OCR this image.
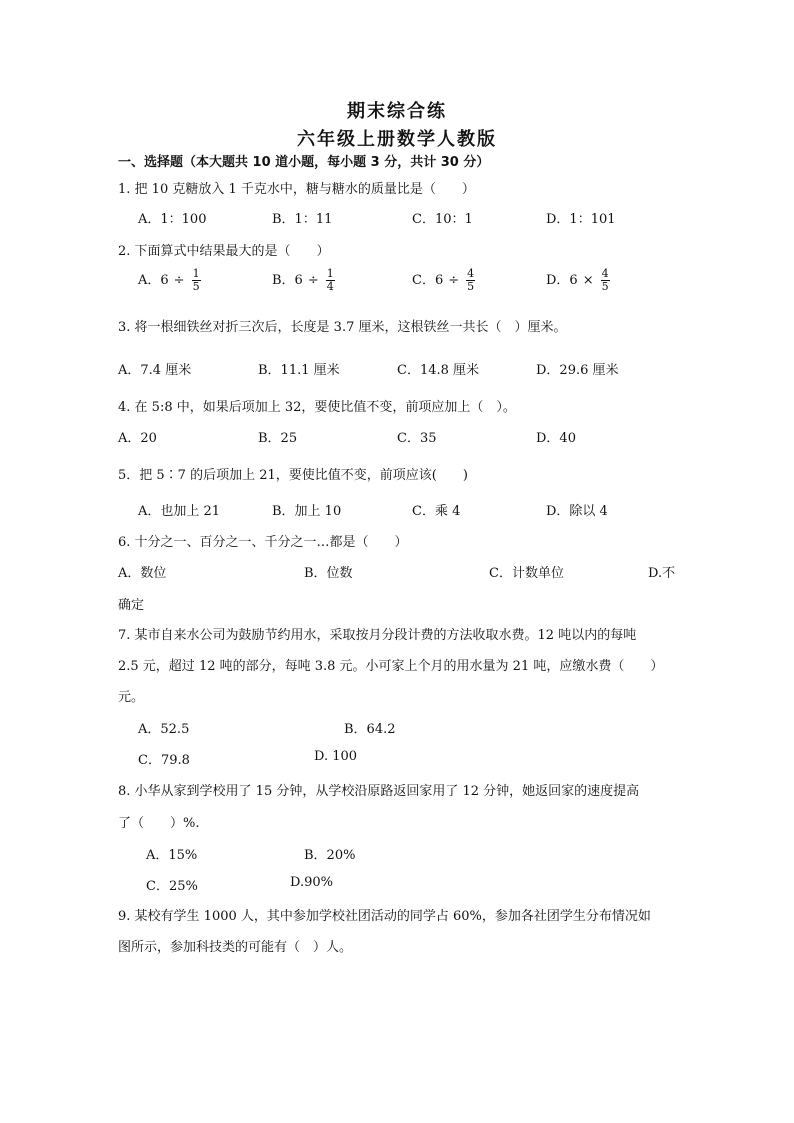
期末综合练
六年级上册数学人教版
一、选择题（本大题共 10 道小题，每小题 3 分，共计 30 分）
1. 把 10 克糖放入 1 千克水中，糖与糖水的质量比是（　　）
A．1：100	B．1：11	C．10：1	D．1：101
2. 下面算式中结果最大的是（　　）
A．$6 \div \frac{1}{5}$	B．$6 \div \frac{1}{4}$	C．$6 \div \frac{4}{5}$	D．$6 \times \frac{4}{5}$
3. 将一根细铁丝对折三次后，长度是 3.7 厘米，这根铁丝一共长（　）厘米。
A．7.4 厘米	B．11.1 厘米	C．14.8 厘米	D．29.6 厘米
4. 在 5:8 中，如果后项加上 32，要使比值不变，前项应加上（　）。
A．20	B．25	C．35	D．40
5．把 5∶7 的后项加上 21，要使比值不变，前项应该(　　)
A．也加上 21	B．加上 10	C．乘 4	D．除以 4
6. 十分之一、百分之一、千分之一…都是（　　）
A．数位	B．位数	C．计数单位	D.不
确定
7. 某市自来水公司为鼓励节约用水，采取按月分段计费的方法收取水费。12 吨以内的每吨
2.5 元，超过 12 吨的部分，每吨 3.8 元。小可家上个月的用水量为 21 吨，应缴水费（　　）
元。
A．52.5	B．64.2
C．79.8	D. 100
8. 小华从家到学校用了 15 分钟，从学校沿原路返回家用了 12 分钟，她返回家的速度提高
了（　　）%.
A．15%	B．20%
C．25%	D.90%
9. 某校有学生 1000 人，其中参加学校社团活动的同学占 60%，参加各社团学生分布情况如
图所示，参加科技类的可能有（　）人。
